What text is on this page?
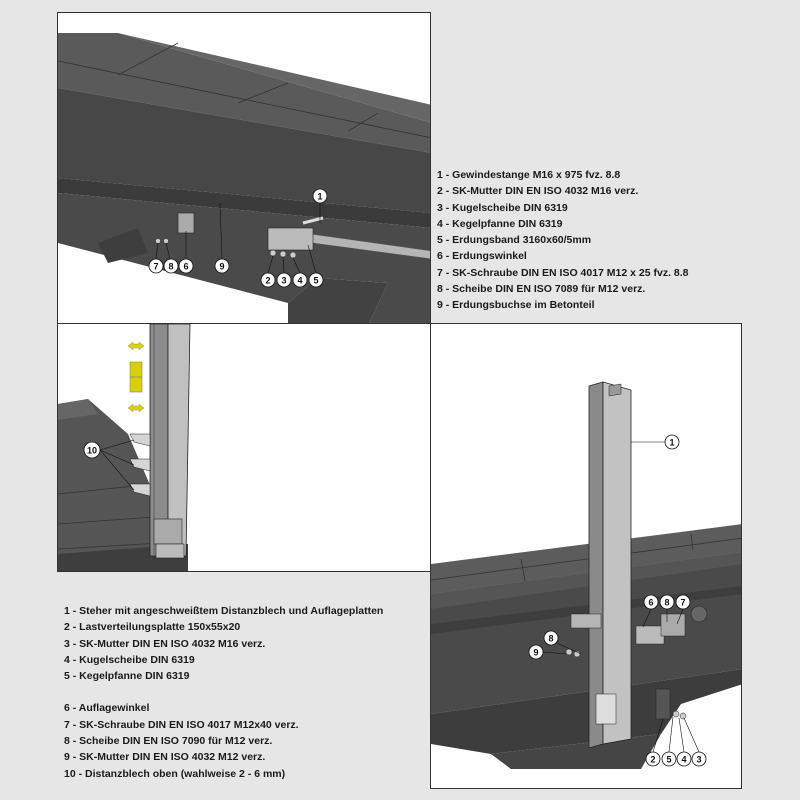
1
7 8 6	9
2 3 4 5
1 - Gewindestange M16 x 975 fvz. 8.8
2 - SK-Mutter DIN EN ISO 4032 M16 verz.
3 - Kugelscheibe DIN 6319
4 - Kegelpfanne DIN 6319
5 - Erdungsband 3160x60/5mm
6 - Erdungswinkel
7 - SK-Schraube DIN EN ISO 4017 M12 x 25 fvz. 8.8
8 - Scheibe DIN EN ISO 7089 für M12 verz.
9 - Erdungsbuchse im Betonteil
10
1
6 8 7
8
9
2 5 4 3
1 - Steher mit angeschweißtem Distanzblech und Auflageplatten
2 - Lastverteilungsplatte 150x55x20
3 - SK-Mutter DIN EN ISO 4032 M16 verz.
4 - Kugelscheibe DIN 6319
5 - Kegelpfanne DIN 6319
6 - Auflagewinkel
7 - SK-Schraube DIN EN ISO 4017 M12x40 verz.
8 - Scheibe DIN EN ISO 7090 für M12 verz.
9 - SK-Mutter DIN EN ISO 4032 M12 verz.
10 - Distanzblech oben (wahlweise 2 - 6 mm)
